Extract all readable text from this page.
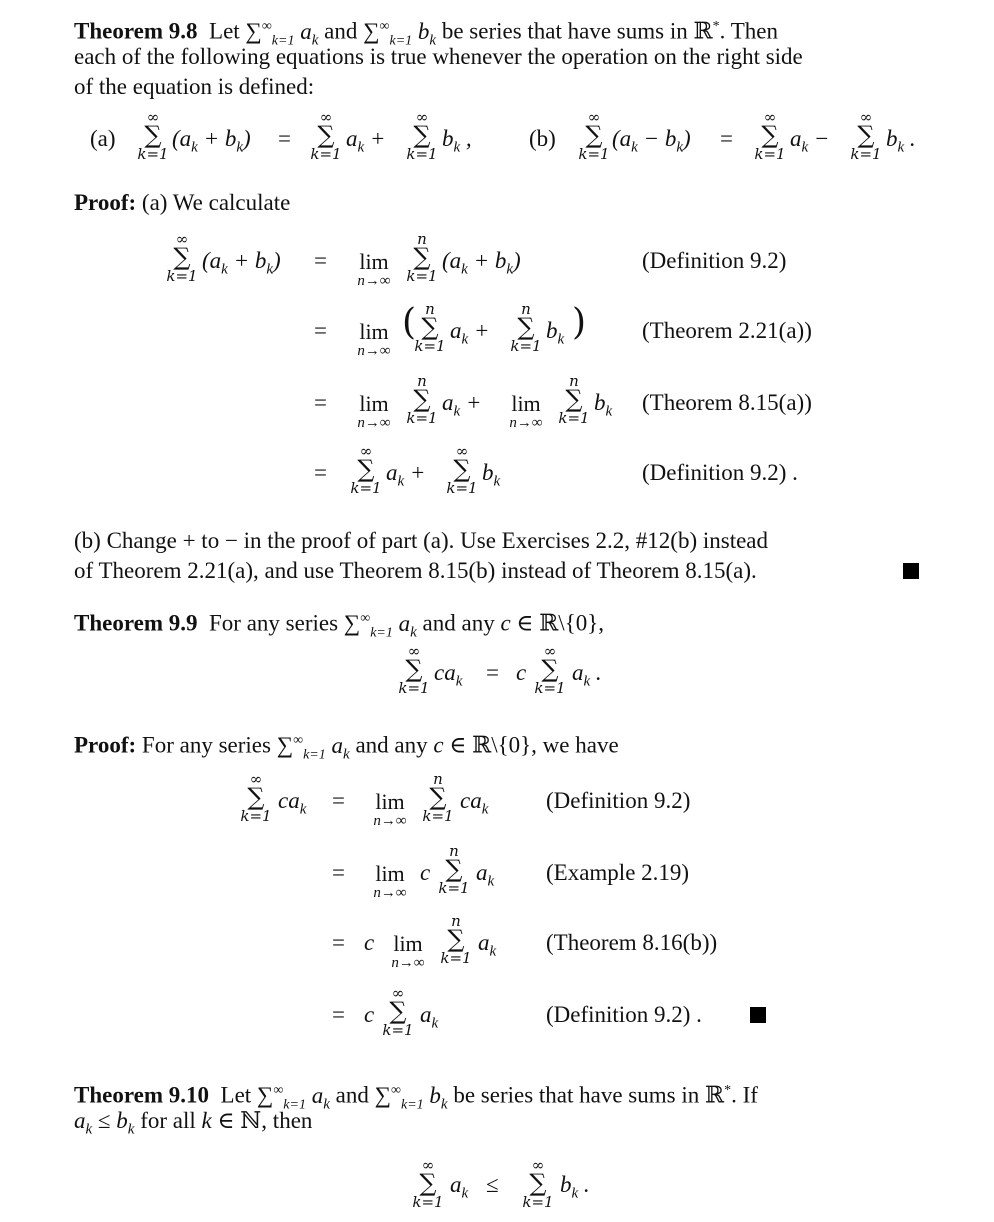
Theorem 9.8  Let $\sum^\infty_{k=1}$ $a_k$ and $\sum^\infty_{k=1}$ $b_k$ be series that have sums in ℝ*. Then
each of the following equations is true whenever the operation on the right side
of the equation is defined:
(a)
∞
∑
k=1
$(a_k + b_k)$ =
∞
∑
k=1
$a_k$ +
∞
∑
k=1
$b_k$ , (b)
∞
∑
k=1
$(a_k - b_k)$ =
∞
∑
k=1
$a_k$ −
∞
∑
k=1
$b_k$ .
Proof: (a) We calculate
∞
∑
k=1
$(a_k + b_k)$ =	lim
n→∞
n
∑
k=1
$(a_k + b_k)$	(Definition 9.2)
=	lim
n→∞
( n
∑
k=1
$a_k$ +
n
∑
k=1
$b_k$ ) (Theorem 2.21(a))
=	lim
n→∞
n
∑
k=1
$a_k$ +	lim
n→∞
n
∑
k=1
$b_k$ (Theorem 8.15(a))
=
∞
∑
k=1
$a_k$ +
∞
∑
k=1
$b_k$	(Definition 9.2) .
(b) Change + to − in the proof of part (a). Use Exercises 2.2, #12(b) instead
of Theorem 2.21(a), and use Theorem 8.15(b) instead of Theorem 8.15(a).
Theorem 9.9  For any series $\sum^\infty_{k=1}$ $a_k$ and any c ∈ ℝ\{0},
∞
∑
k=1
$ca_k = c$
∞
∑
k=1
$a_k$ .
Proof: For any series $\sum^\infty_{k=1}$ $a_k$ and any c ∈ ℝ\{0}, we have
∞
∑
k=1
$ca_k$ =	lim
n→∞
n
∑
k=1
$ca_k$	(Definition 9.2)
=	lim
n→∞
c
n
∑
k=1
$a_k$ (Example 2.19)
= c lim
n→∞
n
∑
k=1
$a_k$ (Theorem 8.16(b))
= c
∞
∑
k=1
$a_k$	(Definition 9.2) .
Theorem 9.10  Let $\sum^\infty_{k=1}$ $a_k$ and $\sum^\infty_{k=1}$ $b_k$ be series that have sums in ℝ*. If
$a_k \le b_k$ for all k ∈ ℕ, then
∞
∑
k=1
$a_k$ ≤
∞
∑
k=1
$b_k$ .
